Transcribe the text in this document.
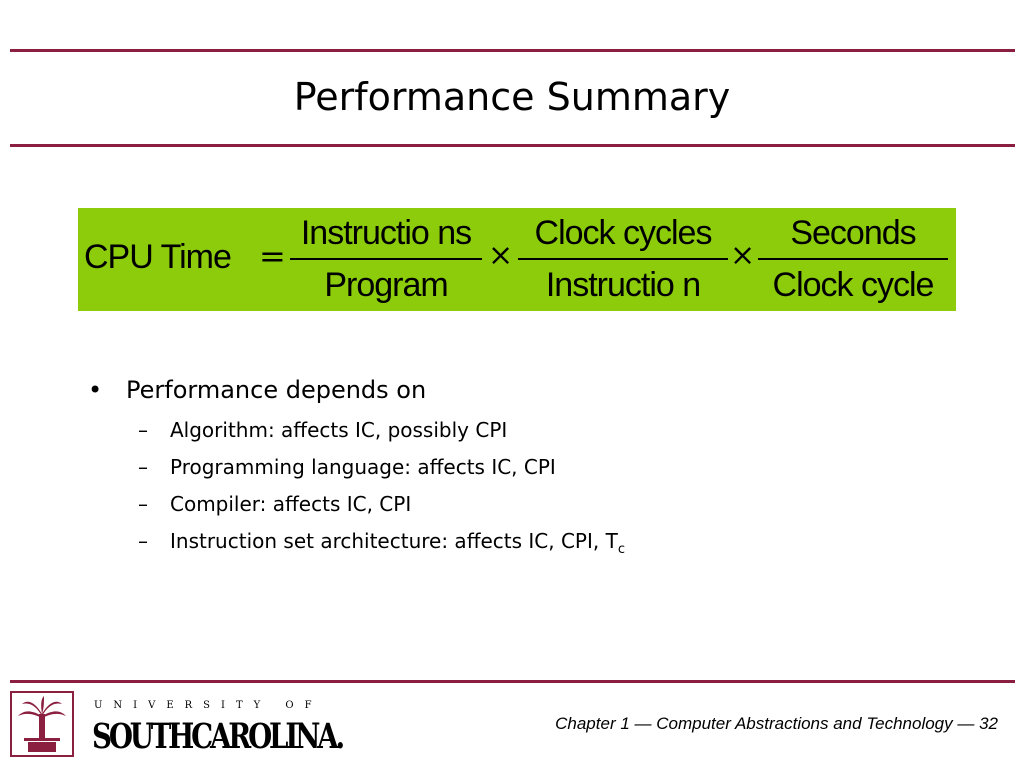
Performance Summary
CPU Time =
Instructio ns
Program
×
Clock cycles
Instructio n
×
Seconds
Clock cycle
• Performance depends on
– Algorithm: affects IC, possibly CPI
– Programming language: affects IC, CPI
– Compiler: affects IC, CPI
– Instruction set architecture: affects IC, CPI, $T_c$
UNIVERSITY OF
SOUTHCAROLINA.	Chapter 1 — Computer Abstractions and Technology — 32
